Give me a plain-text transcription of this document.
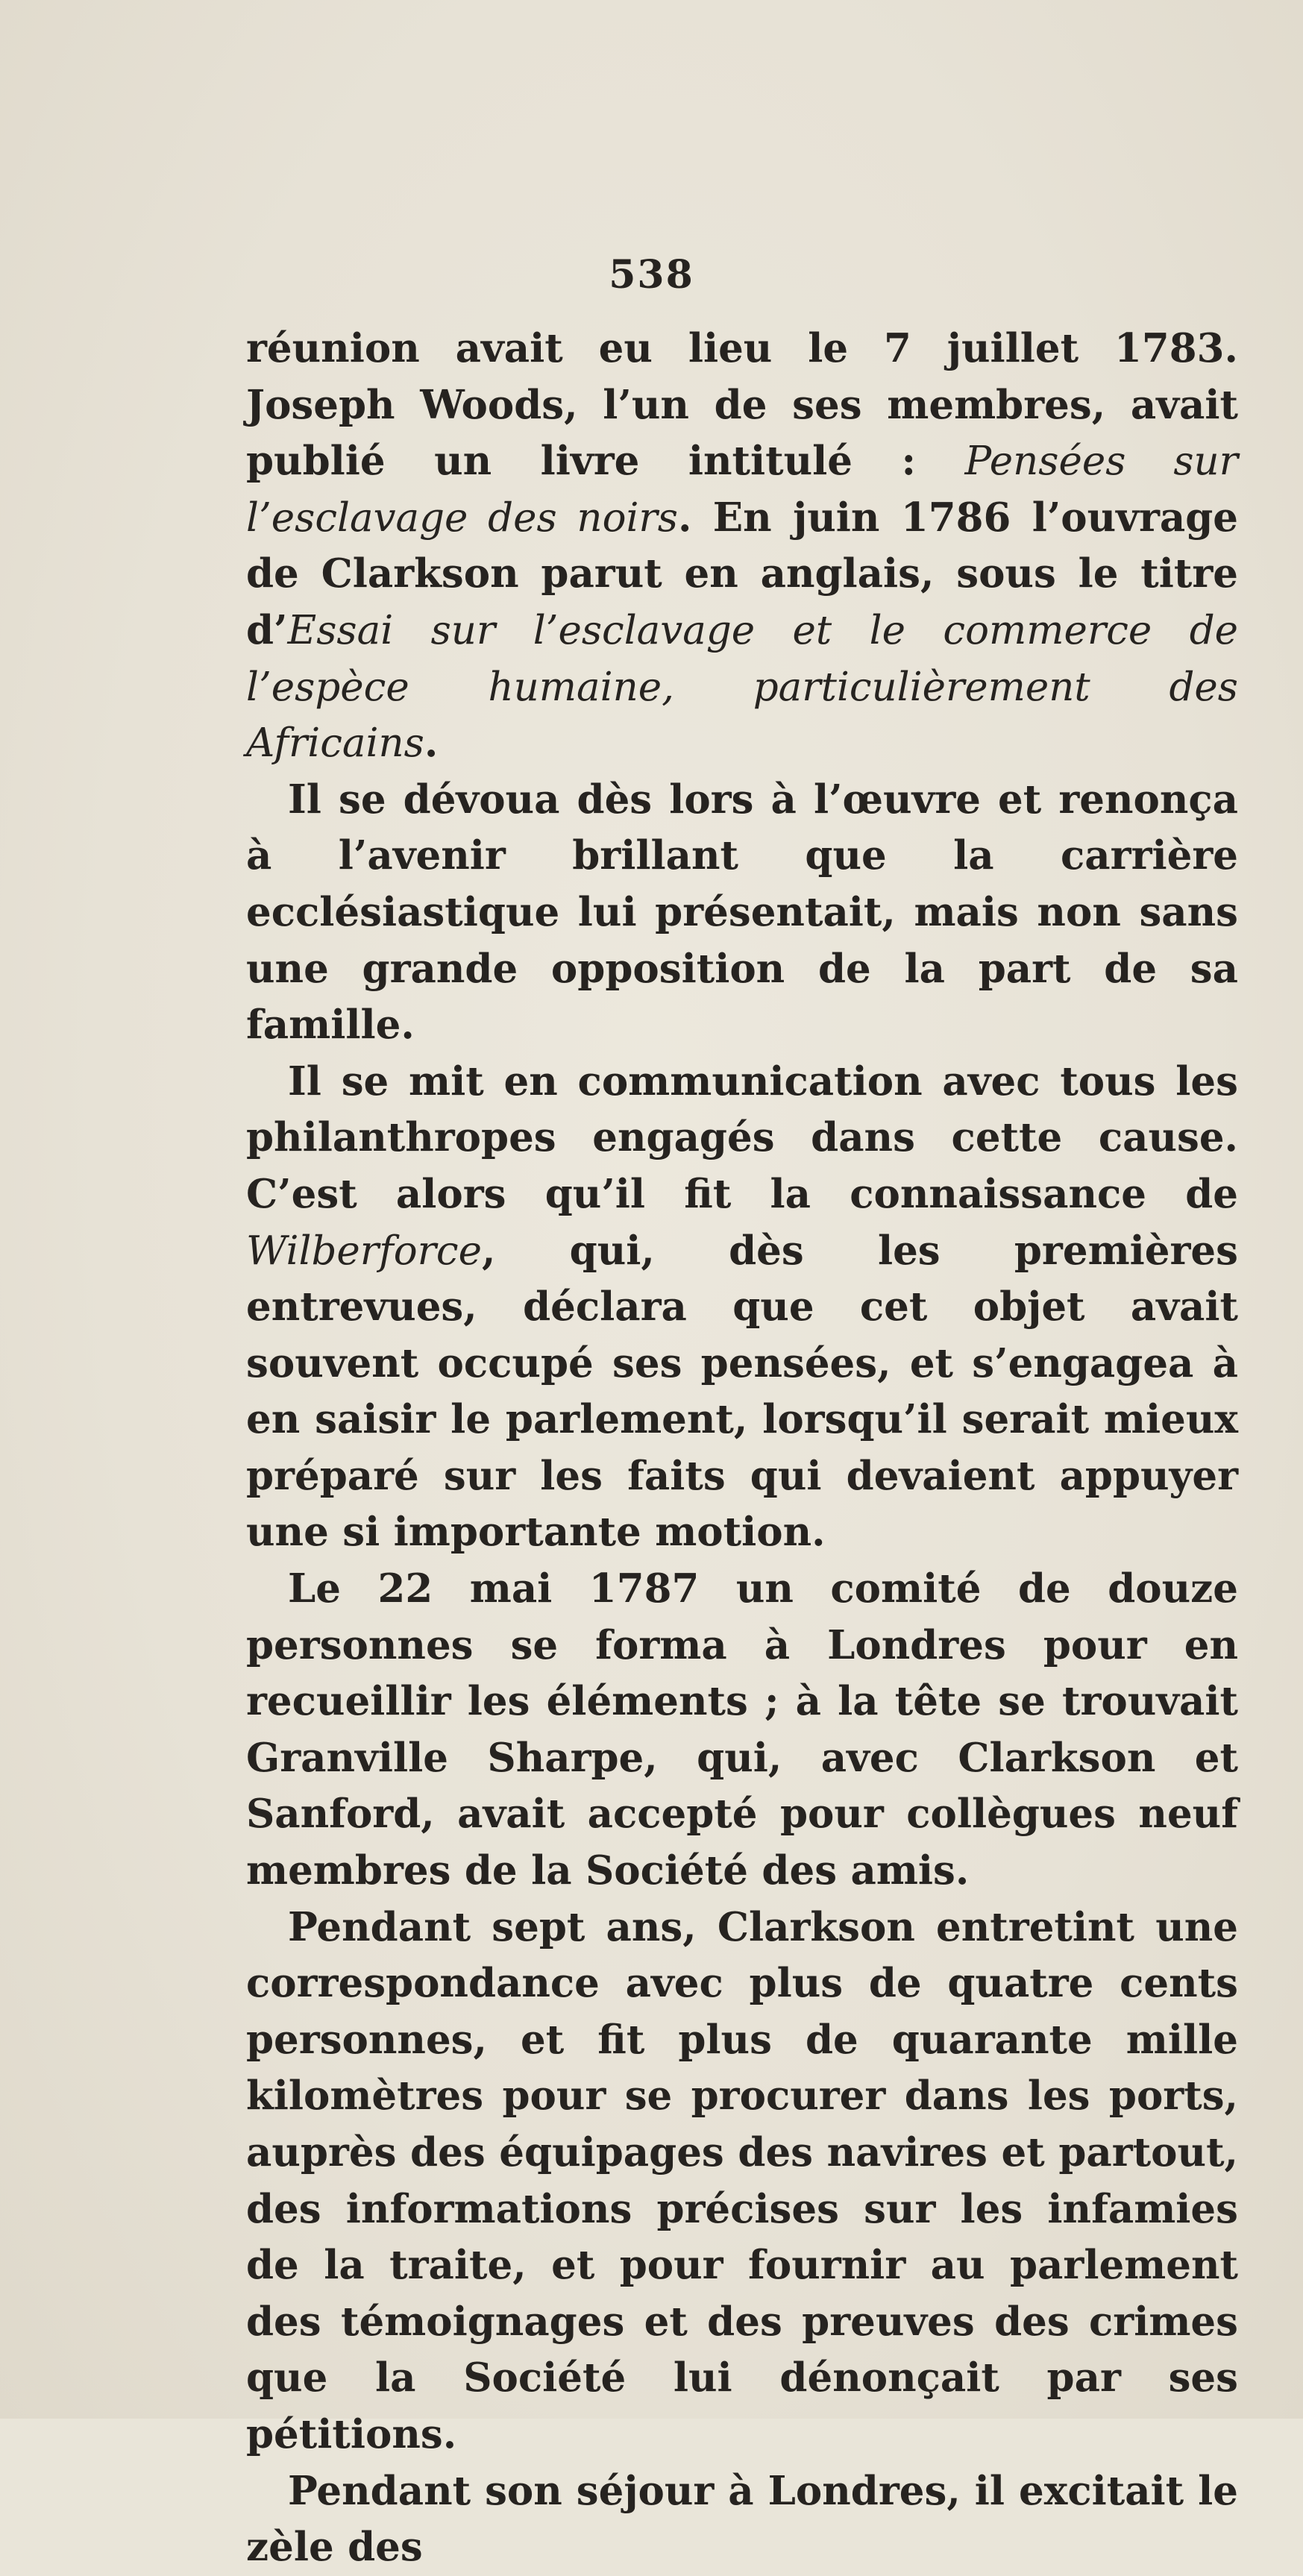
538

réunion avait eu lieu le 7 juillet 1783. Joseph Woods, l’un de ses membres, avait publié un livre intitulé : Pensées sur l’esclavage des noirs. En juin 1786 l’ouvrage de Clarkson parut en anglais, sous le titre d’Essai sur l’esclavage et le commerce de l’espèce humaine, particulièrement des Africains.

Il se dévoua dès lors à l’œuvre et renonça à l’avenir brillant que la carrière ecclésiastique lui présentait, mais non sans une grande opposition de la part de sa famille.

Il se mit en communication avec tous les philanthropes engagés dans cette cause. C’est alors qu’il fit la connaissance de Wilberforce, qui, dès les premières entrevues, déclara que cet objet avait souvent occupé ses pensées, et s’engagea à en saisir le parlement, lorsqu’il serait mieux préparé sur les faits qui devaient appuyer une si importante motion.

Le 22 mai 1787 un comité de douze personnes se forma à Londres pour en recueillir les éléments ; à la tête se trouvait Granville Sharpe, qui, avec Clarkson et Sanford, avait accepté pour collègues neuf membres de la Société des amis.

Pendant sept ans, Clarkson entretint une correspondance avec plus de quatre cents personnes, et fit plus de quarante mille kilomètres pour se procurer dans les ports, auprès des équipages des navires et partout, des informations précises sur les infamies de la traite, et pour fournir au parlement des témoignages et des preuves des crimes que la Société lui dénonçait par ses pétitions.

Pendant son séjour à Londres, il excitait le zèle des
